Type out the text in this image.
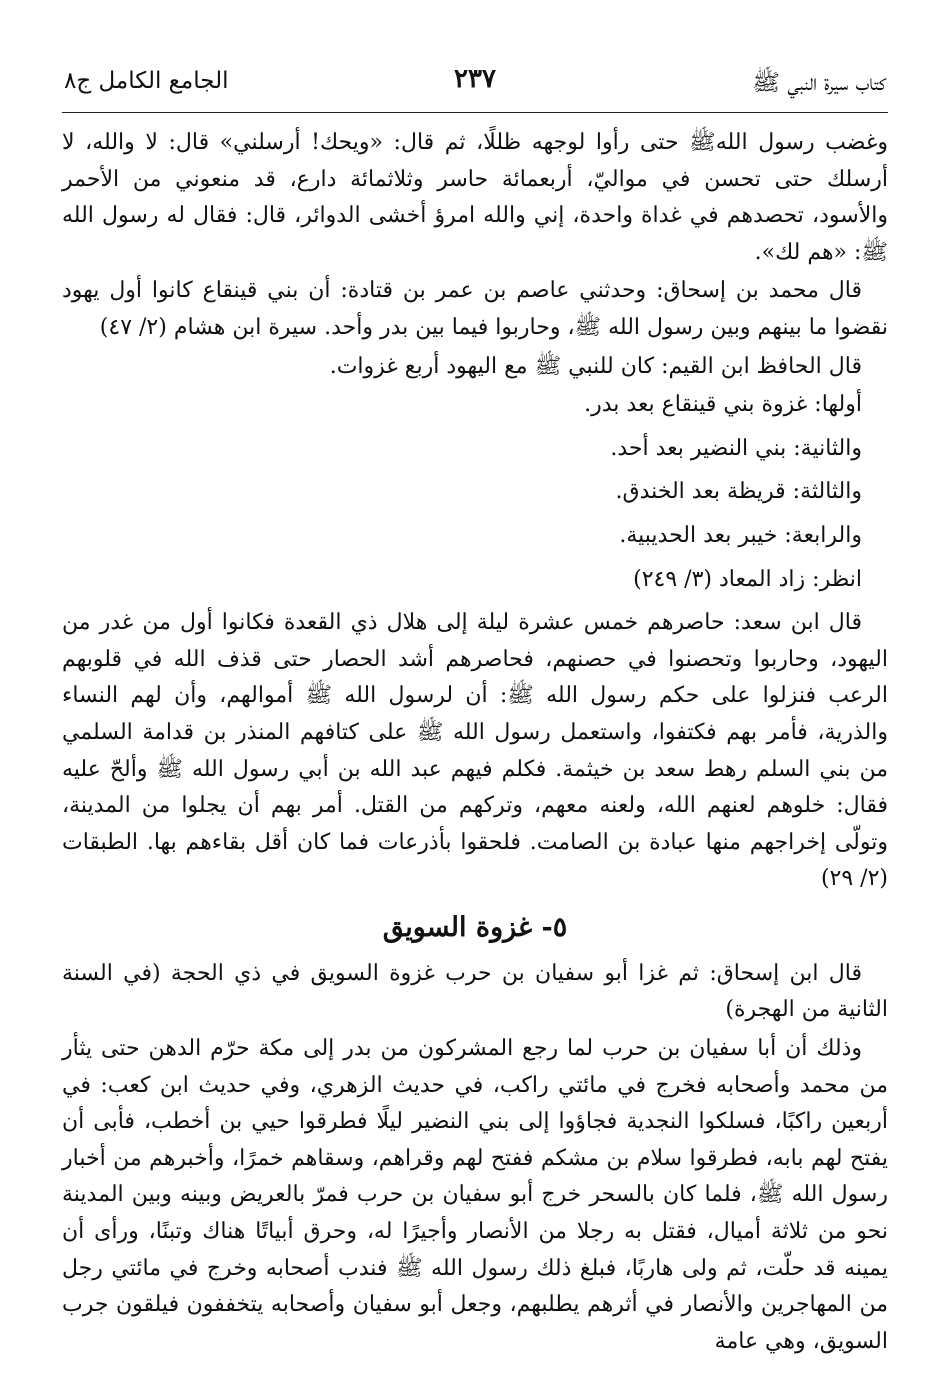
كتاب سيرة النبي ﷺ
٢٣٧
الجامع الكامل ج٨

وغضب رسول اللهﷺ حتى رأوا لوجهه ظللًا، ثم قال: «ويحك! أرسلني» قال: لا والله، لا أرسلك حتى تحسن في مواليّ، أربعمائة حاسر وثلاثمائة دارع، قد منعوني من الأحمر والأسود، تحصدهم في غداة واحدة، إني والله امرؤ أخشى الدوائر، قال: فقال له رسول الله ﷺ: «هم لك».

قال محمد بن إسحاق: وحدثني عاصم بن عمر بن قتادة: أن بني قينقاع كانوا أول يهود نقضوا ما بينهم وبين رسول الله ﷺ، وحاربوا فيما بين بدر وأحد. سيرة ابن هشام (٢/ ٤٧)

قال الحافظ ابن القيم: كان للنبي ﷺ مع اليهود أربع غزوات.

أولها: غزوة بني قينقاع بعد بدر.

والثانية: بني النضير بعد أحد.

والثالثة: قريظة بعد الخندق.

والرابعة: خيبر بعد الحديبية.

انظر: زاد المعاد (٣/ ٢٤٩)

قال ابن سعد: حاصرهم خمس عشرة ليلة إلى هلال ذي القعدة فكانوا أول من غدر من اليهود، وحاربوا وتحصنوا في حصنهم، فحاصرهم أشد الحصار حتى قذف الله في قلوبهم الرعب فنزلوا على حكم رسول الله ﷺ: أن لرسول الله ﷺ أموالهم، وأن لهم النساء والذرية، فأمر بهم فكتفوا، واستعمل رسول الله ﷺ على كتافهم المنذر بن قدامة السلمي من بني السلم رهط سعد بن خيثمة. فكلم فيهم عبد الله بن أبي رسول الله ﷺ وألحّ عليه فقال: خلوهم لعنهم الله، ولعنه معهم، وتركهم من القتل. أمر بهم أن يجلوا من المدينة، وتولّى إخراجهم منها عبادة بن الصامت. فلحقوا بأذرعات فما كان أقل بقاءهم بها. الطبقات (٢/ ٢٩)

٥- غزوة السويق

قال ابن إسحاق: ثم غزا أبو سفيان بن حرب غزوة السويق في ذي الحجة (في السنة الثانية من الهجرة)

وذلك أن أبا سفيان بن حرب لما رجع المشركون من بدر إلى مكة حرّم الدهن حتى يثأر من محمد وأصحابه فخرج في مائتي راكب، في حديث الزهري، وفي حديث ابن كعب: في أربعين راكبًا، فسلكوا النجدية فجاؤوا إلى بني النضير ليلًا فطرقوا حيي بن أخطب، فأبى أن يفتح لهم بابه، فطرقوا سلام بن مشكم ففتح لهم وقراهم، وسقاهم خمرًا، وأخبرهم من أخبار رسول الله ﷺ، فلما كان بالسحر خرج أبو سفيان بن حرب فمرّ بالعريض وبينه وبين المدينة نحو من ثلاثة أميال، فقتل به رجلا من الأنصار وأجيرًا له، وحرق أبياتًا هناك وتبنًا، ورأى أن يمينه قد حلّت، ثم ولى هاربًا، فبلغ ذلك رسول الله ﷺ فندب أصحابه وخرج في مائتي رجل من المهاجرين والأنصار في أثرهم يطلبهم، وجعل أبو سفيان وأصحابه يتخففون فيلقون جرب السويق، وهي عامة
